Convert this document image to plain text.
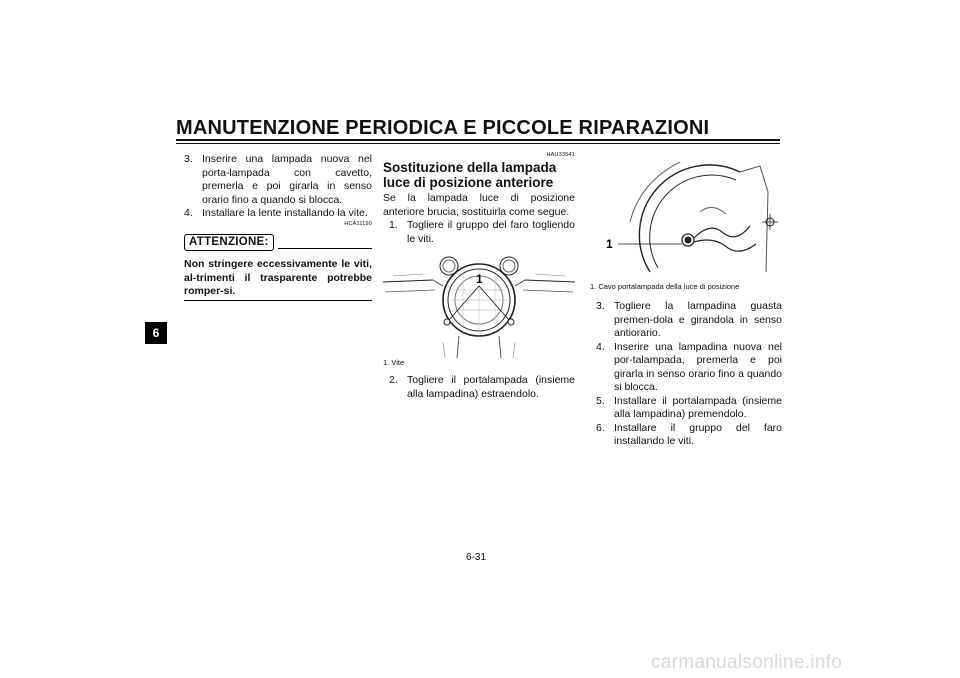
MANUTENZIONE PERIODICA E PICCOLE RIPARAZIONI
6
3. Inserire una lampada nuova nel porta-lampada con cavetto, premerla e poi girarla in senso orario fino a quando si blocca.
4. Installare la lente installando la vite.
HCA11190
ATTENZIONE:
Non stringere eccessivamente le viti, al-trimenti il trasparente potrebbe romper-si.
HAU33541
Sostituzione della lampada luce di posizione anteriore
Se la lampada luce di posizione anteriore brucia, sostituirla come segue.
1. Togliere il gruppo del faro togliendo le viti.
1
1. Vite
2. Togliere il portalampada (insieme alla lampadina) estraendolo.
1
1. Cavo portalampada della luce di posizione
3. Togliere la lampadina guasta premen-dola e girandola in senso antiorario.
4. Inserire una lampadina nuova nel por-talampada, premerla e poi girarla in senso orario fino a quando si blocca.
5. Installare il portalampada (insieme alla lampadina) premendolo.
6. Installare il gruppo del faro installando le viti.
6-31
carmanualsonline.info
